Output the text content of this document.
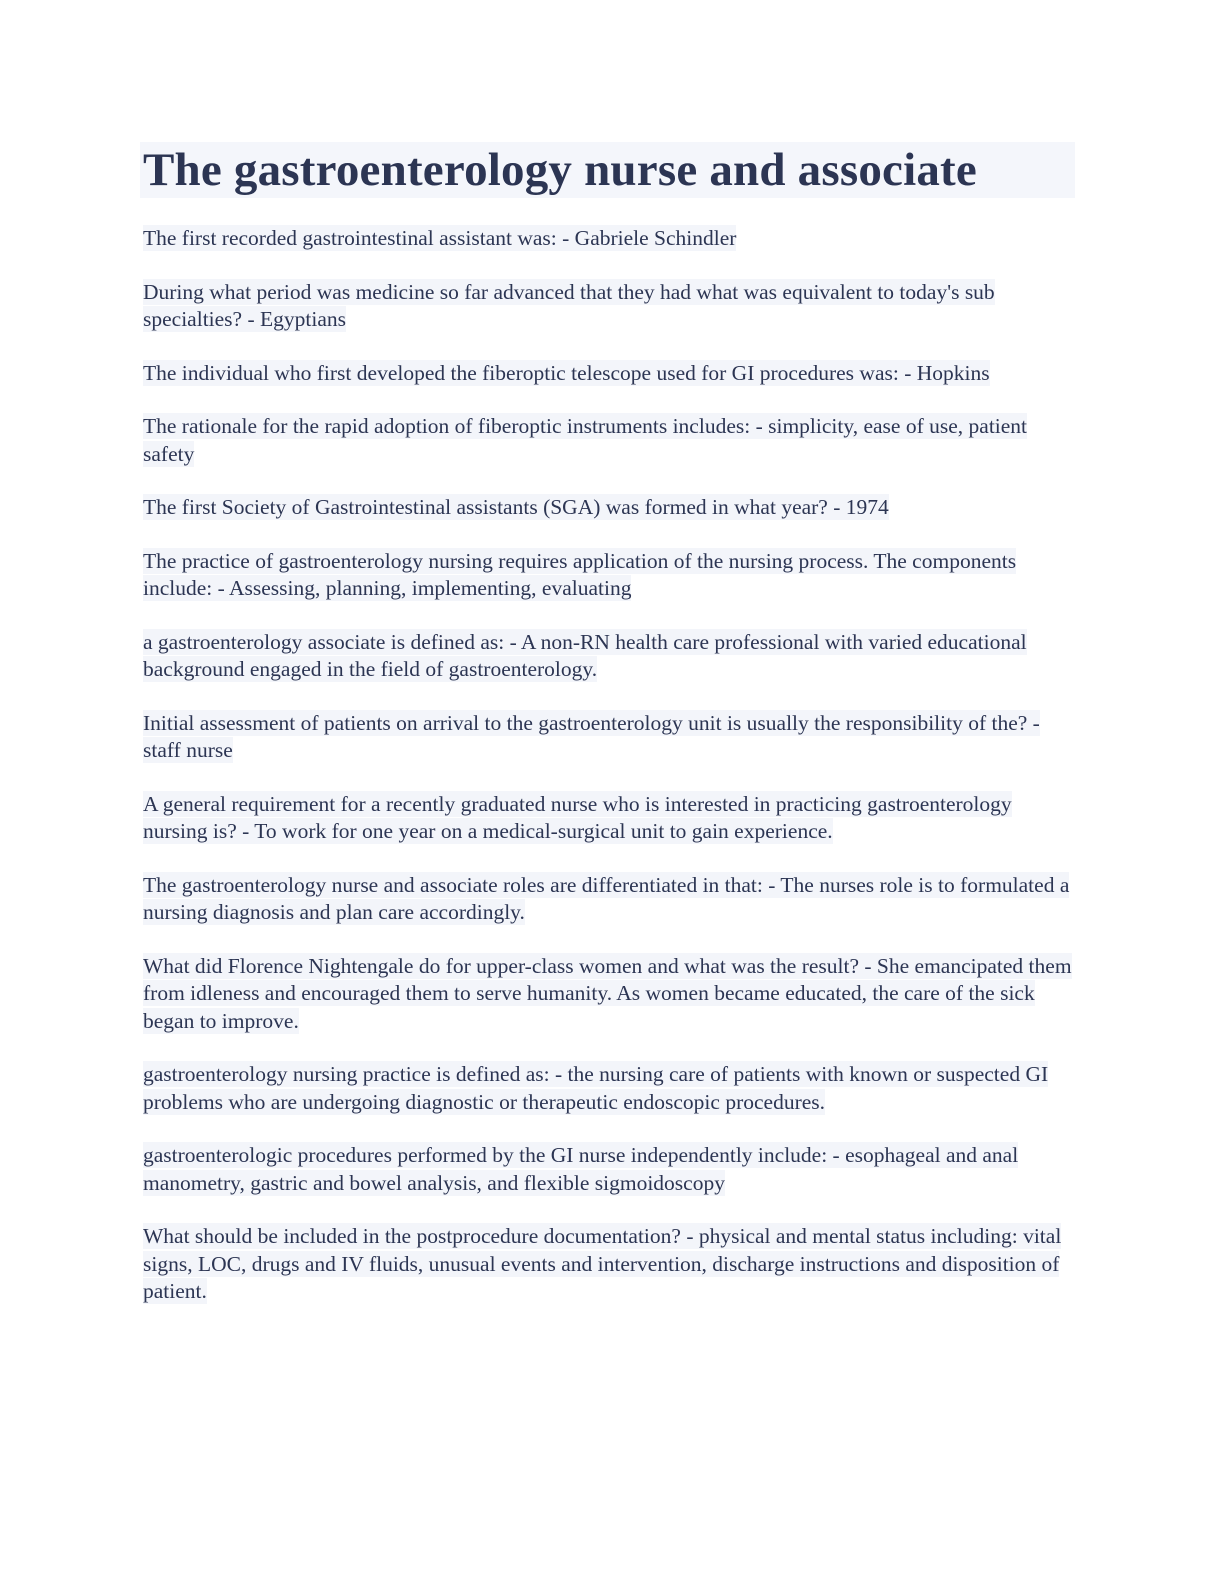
The gastroenterology nurse and associate
The first recorded gastrointestinal assistant was: - Gabriele Schindler
During what period was medicine so far advanced that they had what was equivalent to today's sub specialties? - Egyptians
The individual who first developed the fiberoptic telescope used for GI procedures was: - Hopkins
The rationale for the rapid adoption of fiberoptic instruments includes: - simplicity, ease of use, patient safety
The first Society of Gastrointestinal assistants (SGA) was formed in what year? - 1974
The practice of gastroenterology nursing requires application of the nursing process. The components include: - Assessing, planning, implementing, evaluating
a gastroenterology associate is defined as: - A non-RN health care professional with varied educational background engaged in the field of gastroenterology.
Initial assessment of patients on arrival to the gastroenterology unit is usually the responsibility of the? - staff nurse
A general requirement for a recently graduated nurse who is interested in practicing gastroenterology nursing is? - To work for one year on a medical-surgical unit to gain experience.
The gastroenterology nurse and associate roles are differentiated in that: - The nurses role is to formulated a nursing diagnosis and plan care accordingly.
What did Florence Nightengale do for upper-class women and what was the result? - She emancipated them from idleness and encouraged them to serve humanity. As women became educated, the care of the sick began to improve.
gastroenterology nursing practice is defined as: - the nursing care of patients with known or suspected GI problems who are undergoing diagnostic or therapeutic endoscopic procedures.
gastroenterologic procedures performed by the GI nurse independently include: - esophageal and anal manometry, gastric and bowel analysis, and flexible sigmoidoscopy
What should be included in the postprocedure documentation? - physical and mental status including: vital signs, LOC, drugs and IV fluids, unusual events and intervention, discharge instructions and disposition of patient.
